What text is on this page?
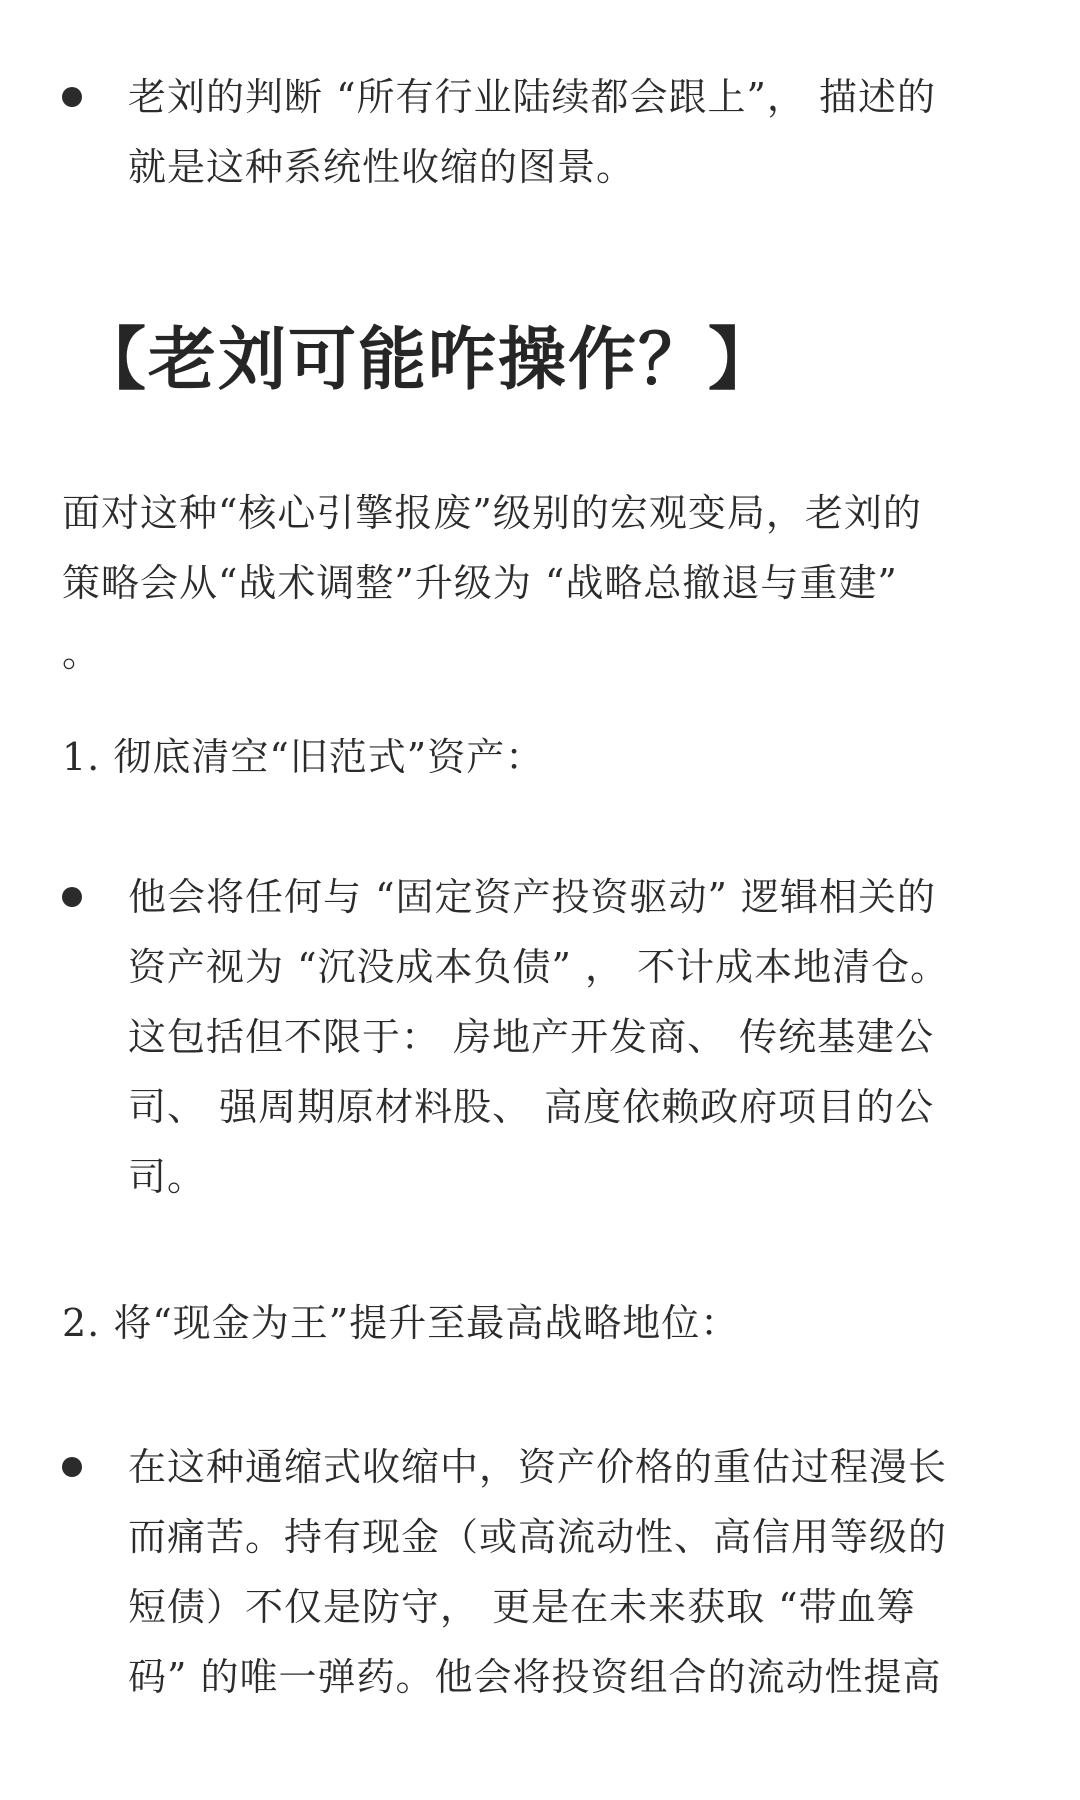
老刘的判断 “所有行业陆续都会跟上”， 描述的
就是这种系统性收缩的图景。
【老刘可能咋操作？】
面对这种“核心引擎报废”级别的宏观变局，老刘的
策略会从“战术调整”升级为 “战略总撤退与重建”
。
1. 彻底清空“旧范式”资产：
他会将任何与 “固定资产投资驱动” 逻辑相关的
资产视为 “沉没成本负债” ， 不计成本地清仓。
这包括但不限于： 房地产开发商、 传统基建公
司、 强周期原材料股、 高度依赖政府项目的公
司。
2. 将“现金为王”提升至最高战略地位：
在这种通缩式收缩中，资产价格的重估过程漫长
而痛苦。持有现金（或高流动性、高信用等级的
短债）不仅是防守， 更是在未来获取 “带血筹
码” 的唯一弹药。他会将投资组合的流动性提高
